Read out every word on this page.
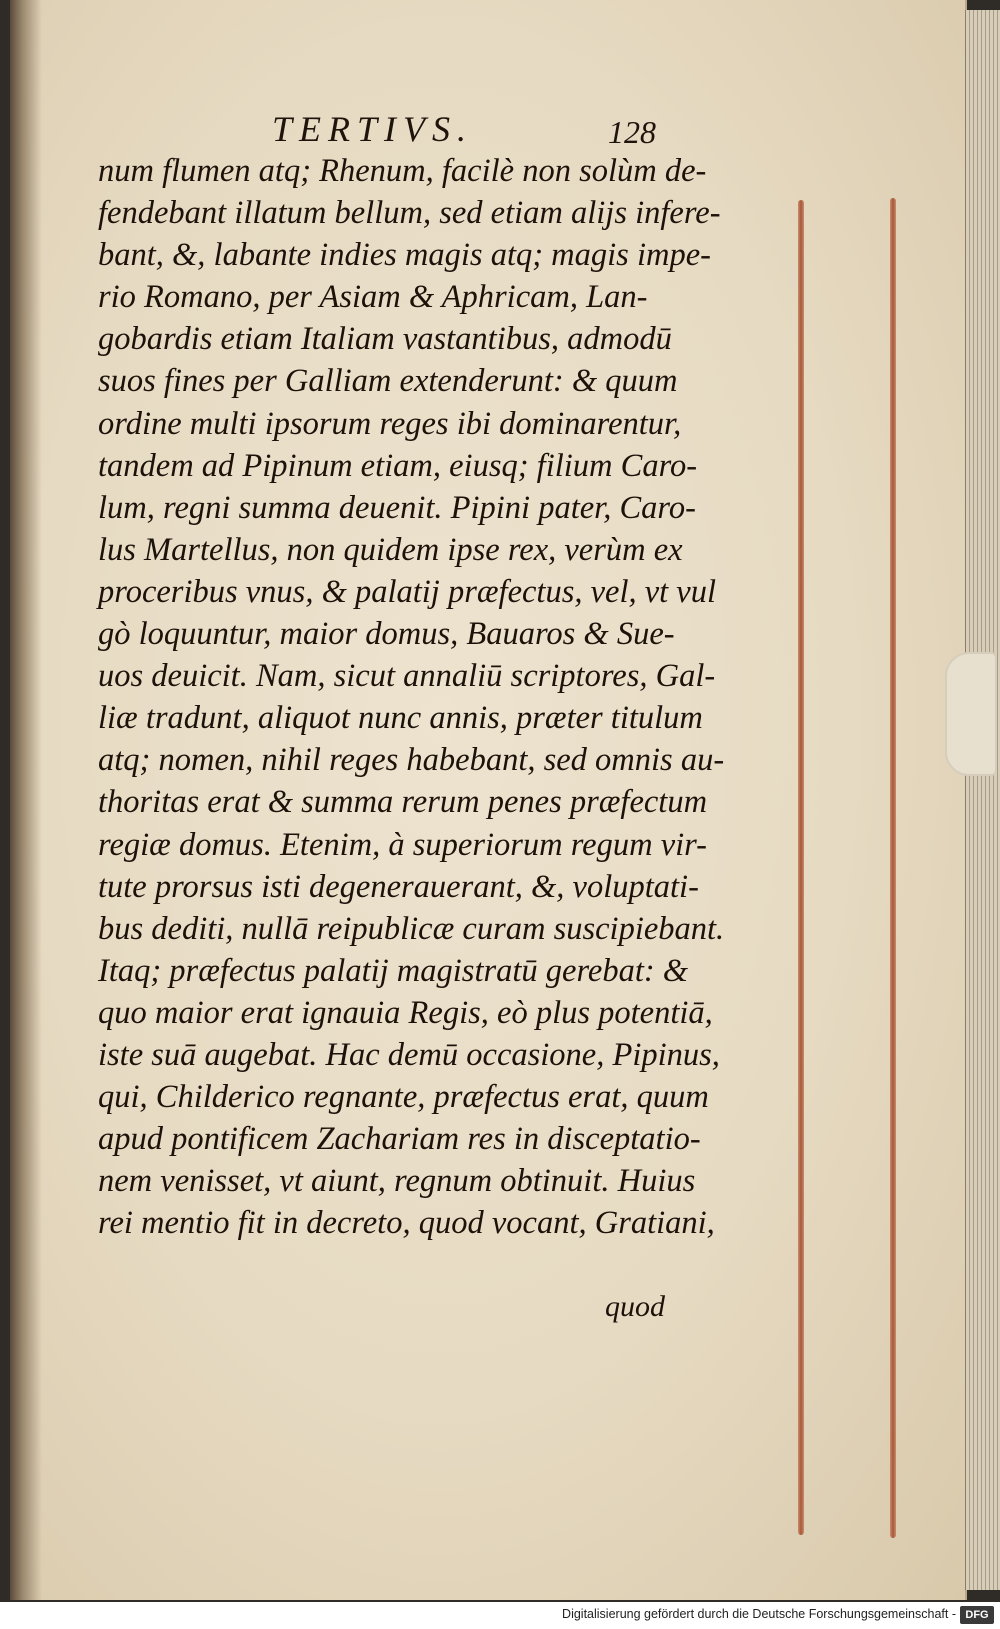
TERTIVS.	128
num flumen atq; Rhenum, facilè non solùm de-
fendebant illatum bellum, sed etiam alijs infere-
bant, &, labante indies magis atq; magis impe-
rio Romano, per Asiam & Aphricam, Lan-
gobardis etiam Italiam vastantibus, admodū
suos fines per Galliam extenderunt: & quum
ordine multi ipsorum reges ibi dominarentur,
tandem ad Pipinum etiam, eiusq; filium Caro-
lum, regni summa deuenit. Pipini pater, Caro-
lus Martellus, non quidem ipse rex, verùm ex
proceribus vnus, & palatij præfectus, vel, vt vul
gò loquuntur, maior domus, Bauaros & Sue-
uos deuicit. Nam, sicut annaliū scriptores, Gal-
liæ tradunt, aliquot nunc annis, præter titulum
atq; nomen, nihil reges habebant, sed omnis au-
thoritas erat & summa rerum penes præfectum
regiæ domus. Etenim, à superiorum regum vir-
tute prorsus isti degenerauerant, &, voluptati-
bus dediti, nullā reipublicæ curam suscipiebant.
Itaq; præfectus palatij magistratū gerebat: &
quo maior erat ignauia Regis, eò plus potentiā,
iste suā augebat. Hac demū occasione, Pipinus,
qui, Childerico regnante, præfectus erat, quum
apud pontificem Zachariam res in disceptatio-
nem venisset, vt aiunt, regnum obtinuit. Huius
rei mentio fit in decreto, quod vocant, Gratiani,
quod
Digitalisierung gefördert durch die Deutsche Forschungsgemeinschaft - DFG
